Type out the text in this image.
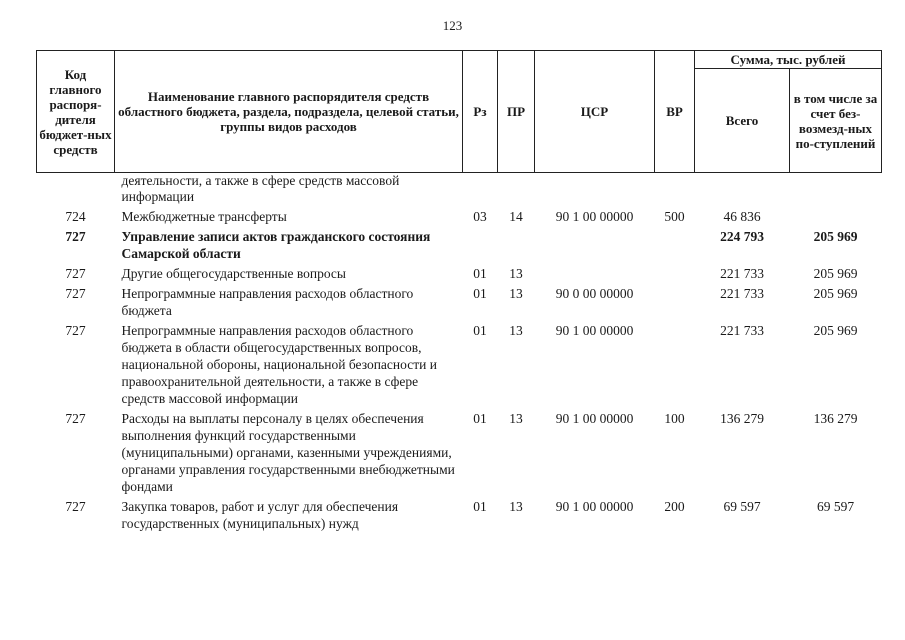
123
Код главного распоря-дителя бюджет-ных средств	Наименование главного распорядителя средств областного бюджета, раздела, подраздела, целевой статьи, группы видов расходов	Рз	ПР	ЦСР	ВР	Сумма, тыс. рублей	
						Всего	в том числе за счет без-возмезд-ных по-ступлений
	деятельности, а также в сфере средств массовой информации						
724	Межбюджетные трансферты	03	14	90 1 00 00000	500	46 836	
727	Управление записи актов гражданского состояния Самарской области					224 793	205 969
727	Другие общегосударственные вопросы	01	13			221 733	205 969
727	Непрограммные направления расходов областного бюджета	01	13	90 0 00 00000		221 733	205 969
727	Непрограммные направления расходов областного бюджета в области общегосударственных вопросов, национальной обороны, национальной безопасности и правоохранительной деятельности, а также в сфере средств массовой информации	01	13	90 1 00 00000		221 733	205 969
727	Расходы на выплаты персоналу в целях обеспечения выполнения функций государственными (муниципальными) органами, казенными учреждениями, органами управления государственными внебюджетными фондами	01	13	90 1 00 00000	100	136 279	136 279
727	Закупка товаров, работ и услуг для обеспечения государственных (муниципальных) нужд	01	13	90 1 00 00000	200	69 597	69 597
